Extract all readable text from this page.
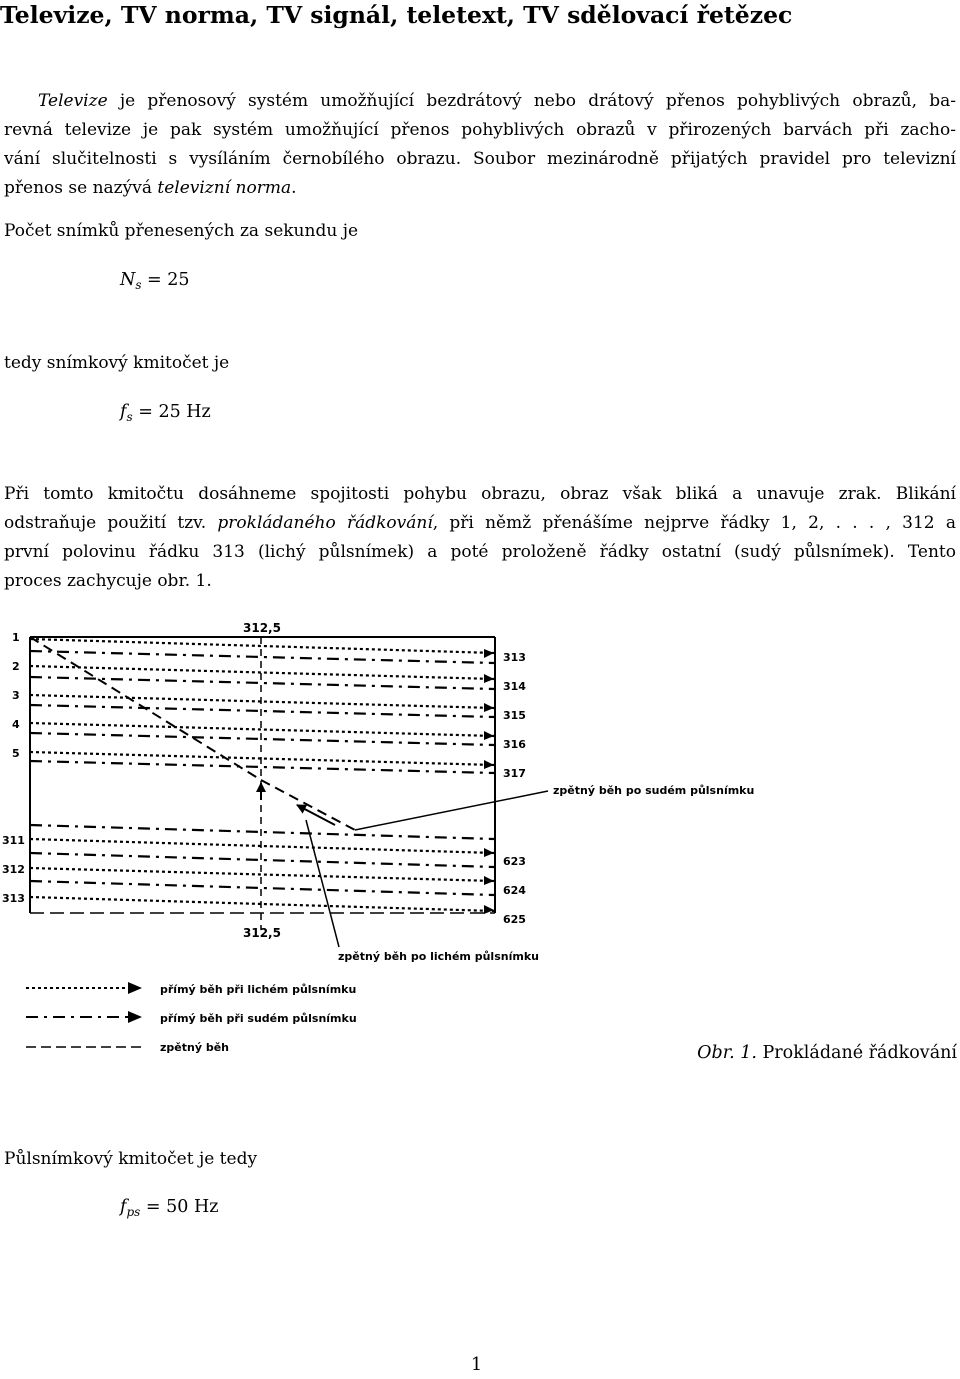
Televize, TV norma, TV signál, teletext, TV sdělovací řetězec
Televize je přenosový systém umožňující bezdrátový nebo drátový přenos pohyblivých obrazů, ba-
revná televize je pak systém umožňující přenos pohyblivých obrazů v přirozených barvách při zacho-
vání slučitelnosti s vysíláním černobílého obrazu. Soubor mezinárodně přijatých pravidel pro televizní
přenos se nazývá televizní norma.
Počet snímků přenesených za sekundu je
$N_s = 25$
tedy snímkový kmitočet je
$f_s = 25$ Hz
Při tomto kmitočtu dosáhneme spojitosti pohybu obrazu, obraz však bliká a unavuje zrak. Blikání
odstraňuje použití tzv. prokládaného řádkování, při němž přenášíme nejprve řádky 1, 2, . . . , 312 a
první polovinu řádku 313 (lichý půlsnímek) a poté proloženě řádky ostatní (sudý půlsnímek). Tento
proces zachycuje obr. 1.
312,5
312,5
1
2
3
4
5
311
312
313
313
314
315
316
317
623
624
625
zpětný běh po sudém půlsnímku
zpětný běh po lichém půlsnímku
přímý běh při lichém půlsnímku
přímý běh při sudém půlsnímku
zpětný běh	Obr. 1. Prokládané řádkování
Půlsnímkový kmitočet je tedy
$f_{ps} = 50$ Hz
1
